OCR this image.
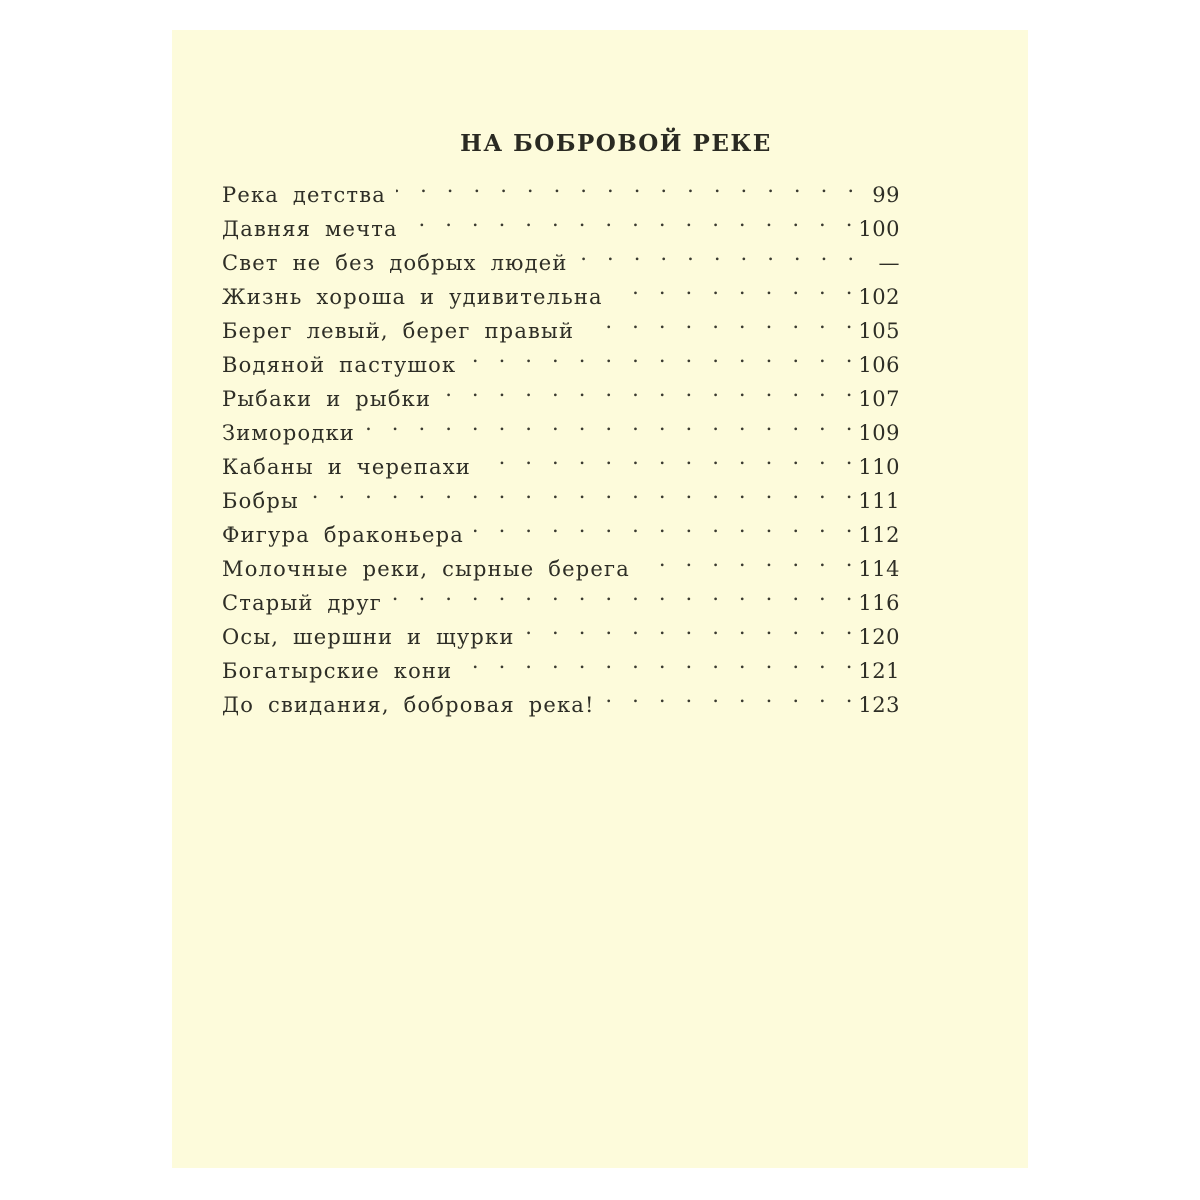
НА БОБРОВОЙ РЕКЕ
Река детства .   .	99
Давняя мечта .   .	100
Свет не без добрых людей .   .	—
Жизнь хороша и удивительна .   .	102
Берег левый, берег правый .   .	105
Водяной пастушок .   .	106
Рыбаки и рыбки .   .	107
Зимородки .   .	109
Кабаны и черепахи .   .	110
Бобры .   .	111
Фигура браконьера .   .	112
Молочные реки, сырные берега .   .	114
Старый друг .   .	116
Осы, шершни и щурки .   .	120
Богатырские кони .   .	121
До свидания, бобровая река! .   .	123
